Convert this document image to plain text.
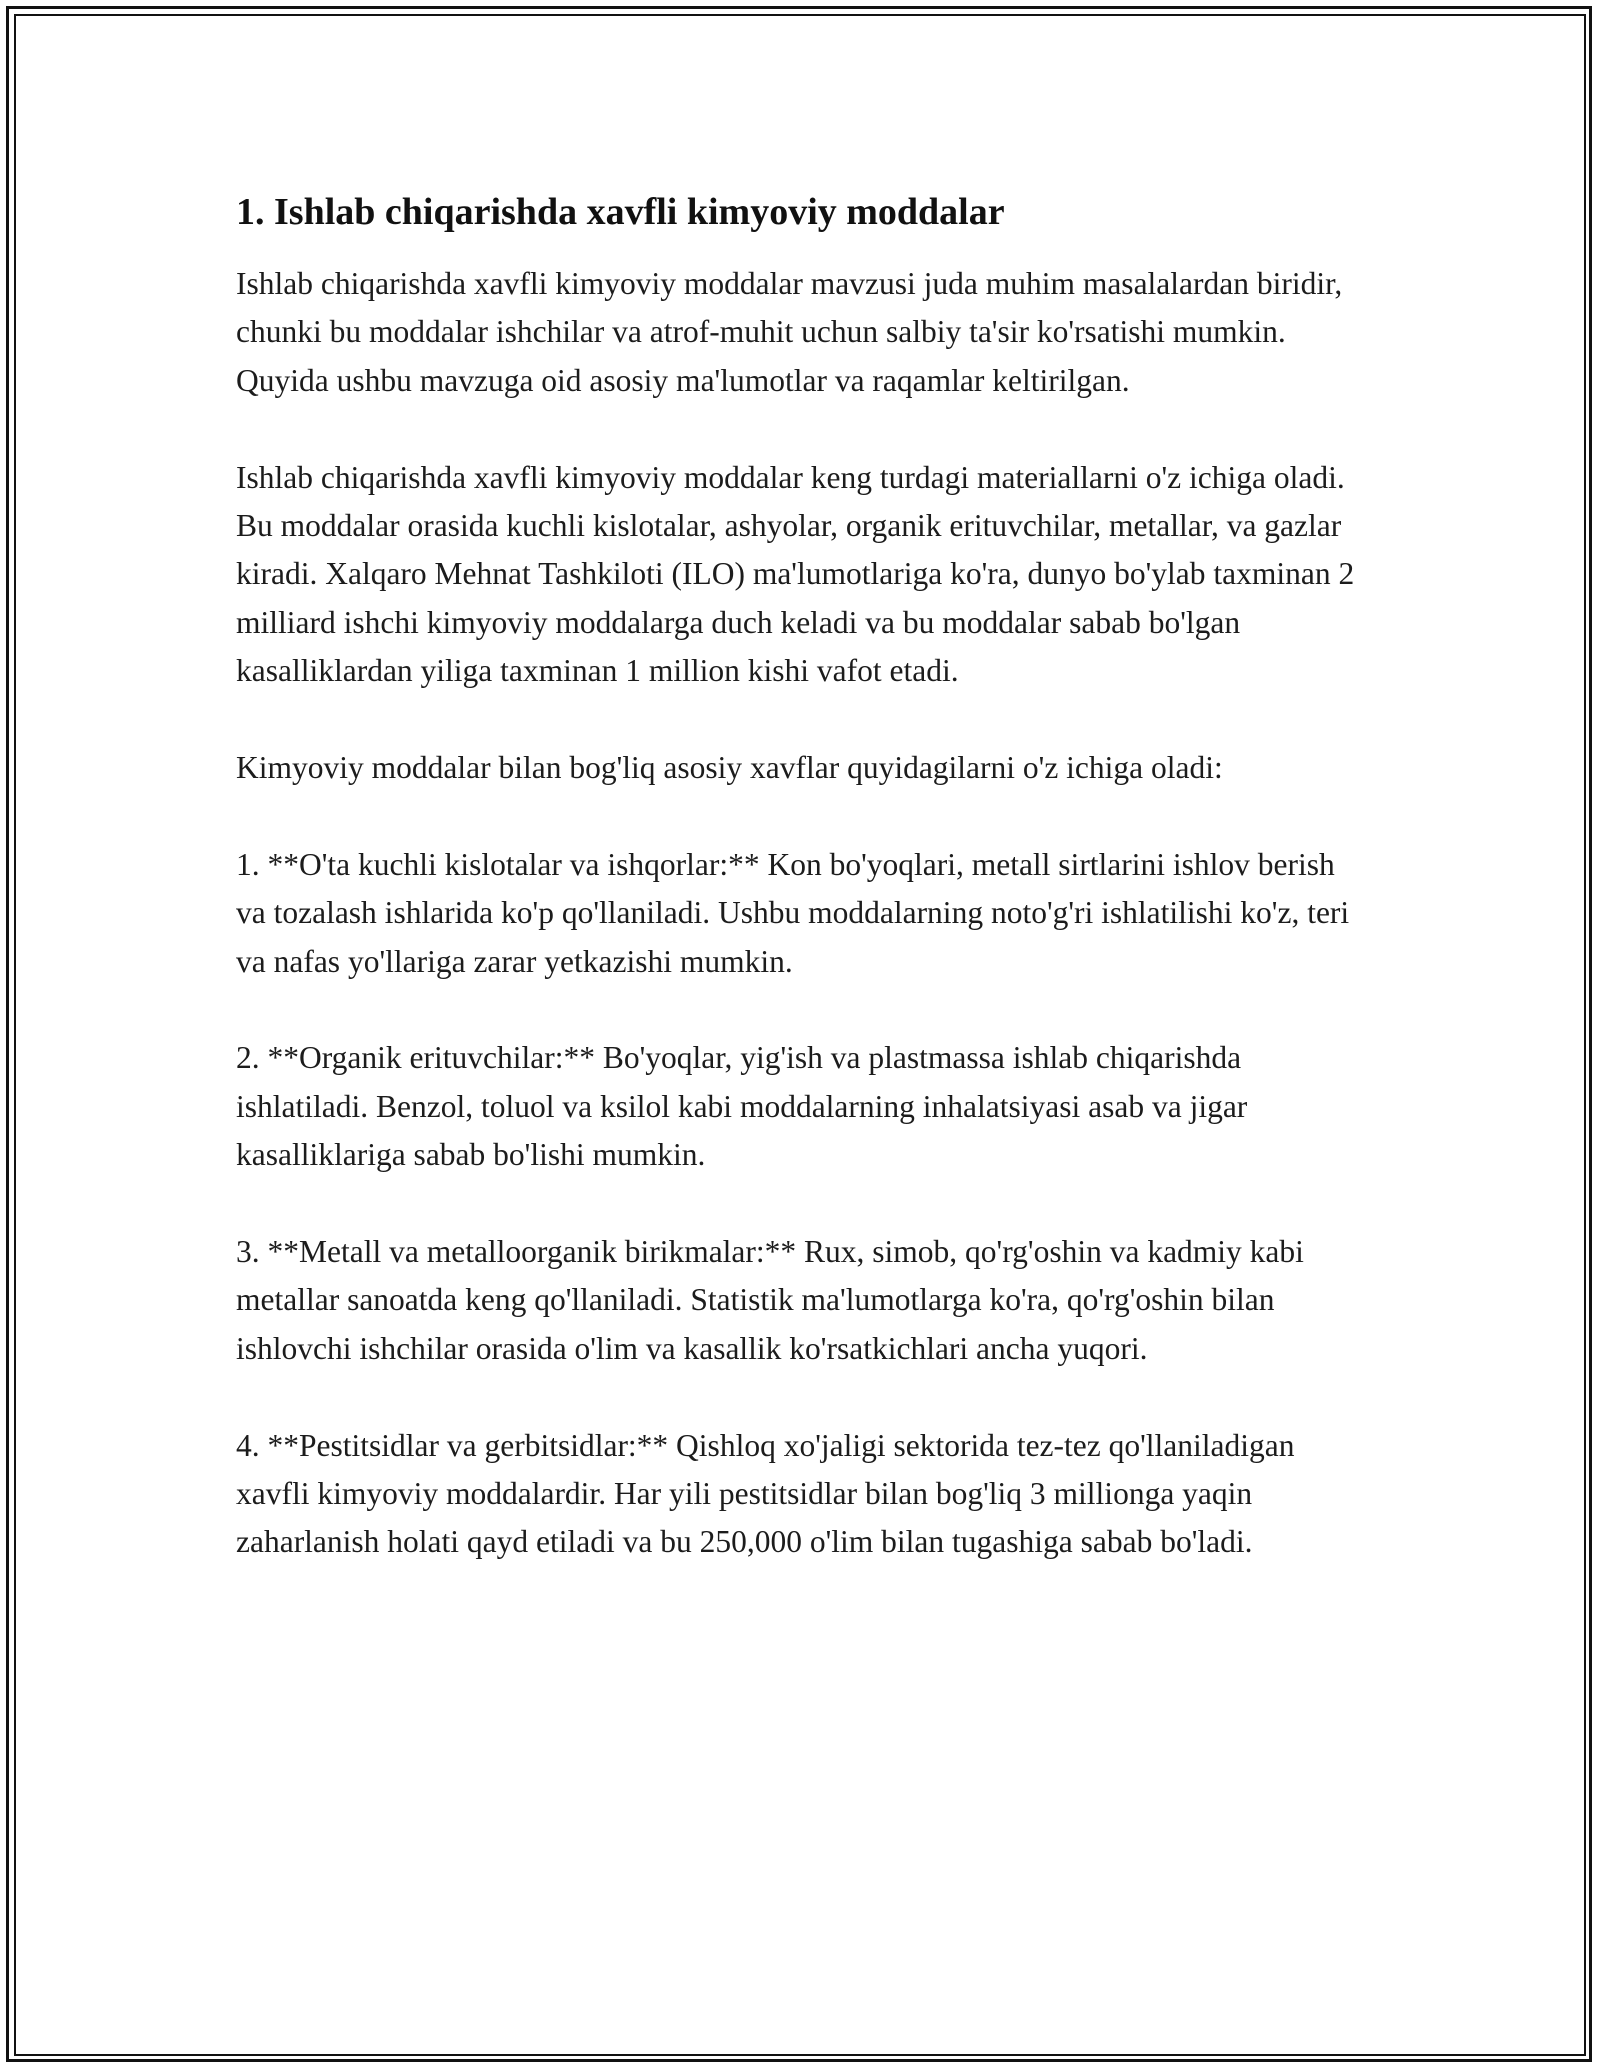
1. Ishlab chiqarishda xavfli kimyoviy moddalar

Ishlab chiqarishda xavfli kimyoviy moddalar mavzusi juda muhim masalalardan biridir, chunki bu moddalar ishchilar va atrof-muhit uchun salbiy ta'sir ko'rsatishi mumkin. Quyida ushbu mavzuga oid asosiy ma'lumotlar va raqamlar keltirilgan.

Ishlab chiqarishda xavfli kimyoviy moddalar keng turdagi materiallarni o'z ichiga oladi. Bu moddalar orasida kuchli kislotalar, ashyolar, organik erituvchilar, metallar, va gazlar kiradi. Xalqaro Mehnat Tashkiloti (ILO) ma'lumotlariga ko'ra, dunyo bo'ylab taxminan 2 milliard ishchi kimyoviy moddalarga duch keladi va bu moddalar sabab bo'lgan kasalliklardan yiliga taxminan 1 million kishi vafot etadi.

Kimyoviy moddalar bilan bog'liq asosiy xavflar quyidagilarni o'z ichiga oladi:

1. **O'ta kuchli kislotalar va ishqorlar:** Kon bo'yoqlari, metall sirtlarini ishlov berish va tozalash ishlarida ko'p qo'llaniladi. Ushbu moddalarning noto'g'ri ishlatilishi ko'z, teri va nafas yo'llariga zarar yetkazishi mumkin.

2. **Organik erituvchilar:** Bo'yoqlar, yig'ish va plastmassa ishlab chiqarishda ishlatiladi. Benzol, toluol va ksilol kabi moddalarning inhalatsiyasi asab va jigar kasalliklariga sabab bo'lishi mumkin.

3. **Metall va metalloorganik birikmalar:** Rux, simob, qo'rg'oshin va kadmiy kabi metallar sanoatda keng qo'llaniladi. Statistik ma'lumotlarga ko'ra, qo'rg'oshin bilan ishlovchi ishchilar orasida o'lim va kasallik ko'rsatkichlari ancha yuqori.

4. **Pestitsidlar va gerbitsidlar:** Qishloq xo'jaligi sektorida tez-tez qo'llaniladigan xavfli kimyoviy moddalardir. Har yili pestitsidlar bilan bog'liq 3 millionga yaqin zaharlanish holati qayd etiladi va bu 250,000 o'lim bilan tugashiga sabab bo'ladi.
